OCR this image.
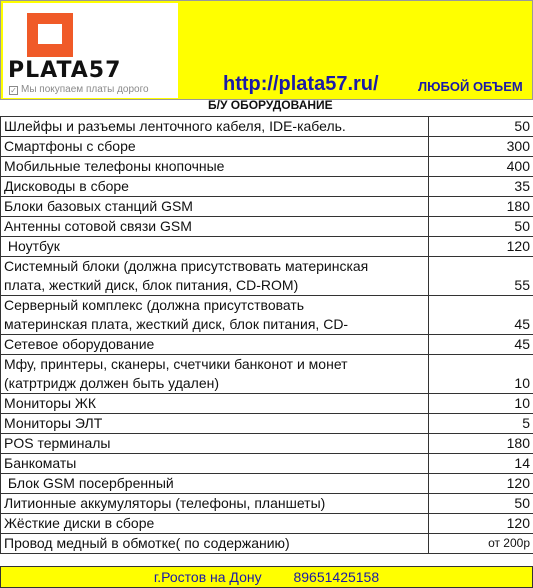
PLATA57
✓ Мы покупаем платы дорого	http://plata57.ru/	ЛЮБОЙ ОБЪЕМ
Б/У ОБОРУДОВАНИЕ
Шлейфы и разъемы ленточного кабеля, IDE-кабель.	50

Смартфоны с сборе	300

Мобильные телефоны кнопочные	400

Дисководы в сборе	35

Блоки базовых станций GSM	180

Антенны сотовой связи GSM	50

Ноутбук	120

Системный блоки (должна присутствовать материнская
плата, жесткий диск, блок питания, CD-ROM)	55

Серверный комплекс (должна присутствовать
материнская плата, жесткий диск, блок питания, CD-	45

Сетевое оборудование	45

Мфу, принтеры, сканеры, счетчики банконот и монет
(катртридж должен быть удален)	10

Мониторы ЖК	10

Мониторы ЭЛТ	5

POS терминалы	180

Банкоматы	14

Блок GSM посербренный	120

Литионные аккумуляторы (телефоны, планшеты)	50

Жёсткие диски в сборе	120

Провод медный в обмотке( по содержанию)	от 200р
г.Ростов на Дону 89651425158
